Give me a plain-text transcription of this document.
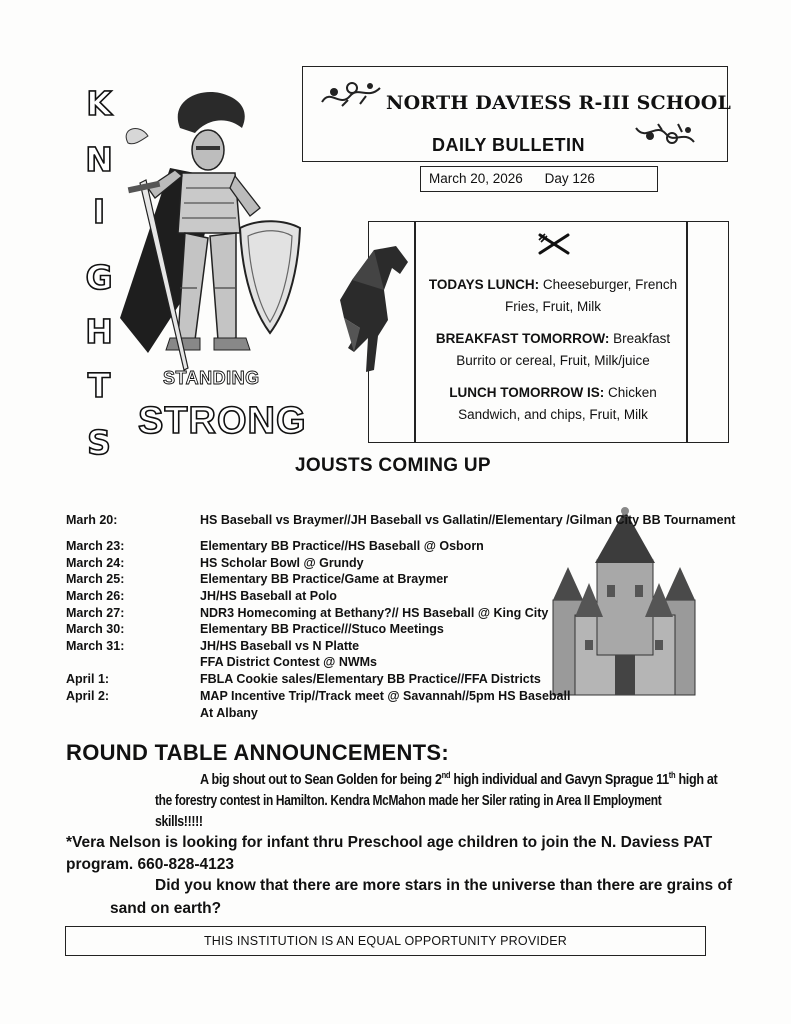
K
N
I
G
H
T
S
STANDING
STRONG
NORTH DAVIESS R-III SCHOOL
DAILY BULLETIN
March 20, 2026 Day 126
TODAYS LUNCH: Cheeseburger, French
Fries, Fruit, Milk
BREAKFAST TOMORROW: Breakfast
Burrito or cereal, Fruit, Milk/juice
LUNCH TOMORROW IS: Chicken
Sandwich, and chips, Fruit, Milk
JOUSTS COMING UP
Marh 20:	HS Baseball vs Braymer//JH Baseball vs Gallatin//Elementary /Gilman City BB Tournament
March 23:	Elementary BB Practice//HS Baseball @ Osborn
March 24:	HS Scholar Bowl @ Grundy
March 25:	Elementary BB Practice/Game at Braymer
March 26:	JH/HS Baseball at Polo
March 27:	NDR3 Homecoming at Bethany?// HS Baseball @ King City
March 30:	Elementary BB Practice///Stuco Meetings
March 31:	JH/HS Baseball vs N Platte
FFA District Contest @ NWMs
April 1:	FBLA Cookie sales/Elementary BB Practice//FFA Districts
April 2:	MAP Incentive Trip//Track meet @ Savannah//5pm HS Baseball
At Albany
ROUND TABLE ANNOUNCEMENTS:
A big shout out to Sean Golden for being 2nd high individual and Gavyn Sprague 11th high at
the forestry contest in Hamilton. Kendra McMahon made her Siler rating in Area II Employment
skills!!!!!
*Vera Nelson is looking for infant thru Preschool age children to join the N. Daviess PAT
program. 660-828-4123
Did you know that there are more stars in the universe than there are grains of
sand on earth?
THIS INSTITUTION IS AN EQUAL OPPORTUNITY PROVIDER
